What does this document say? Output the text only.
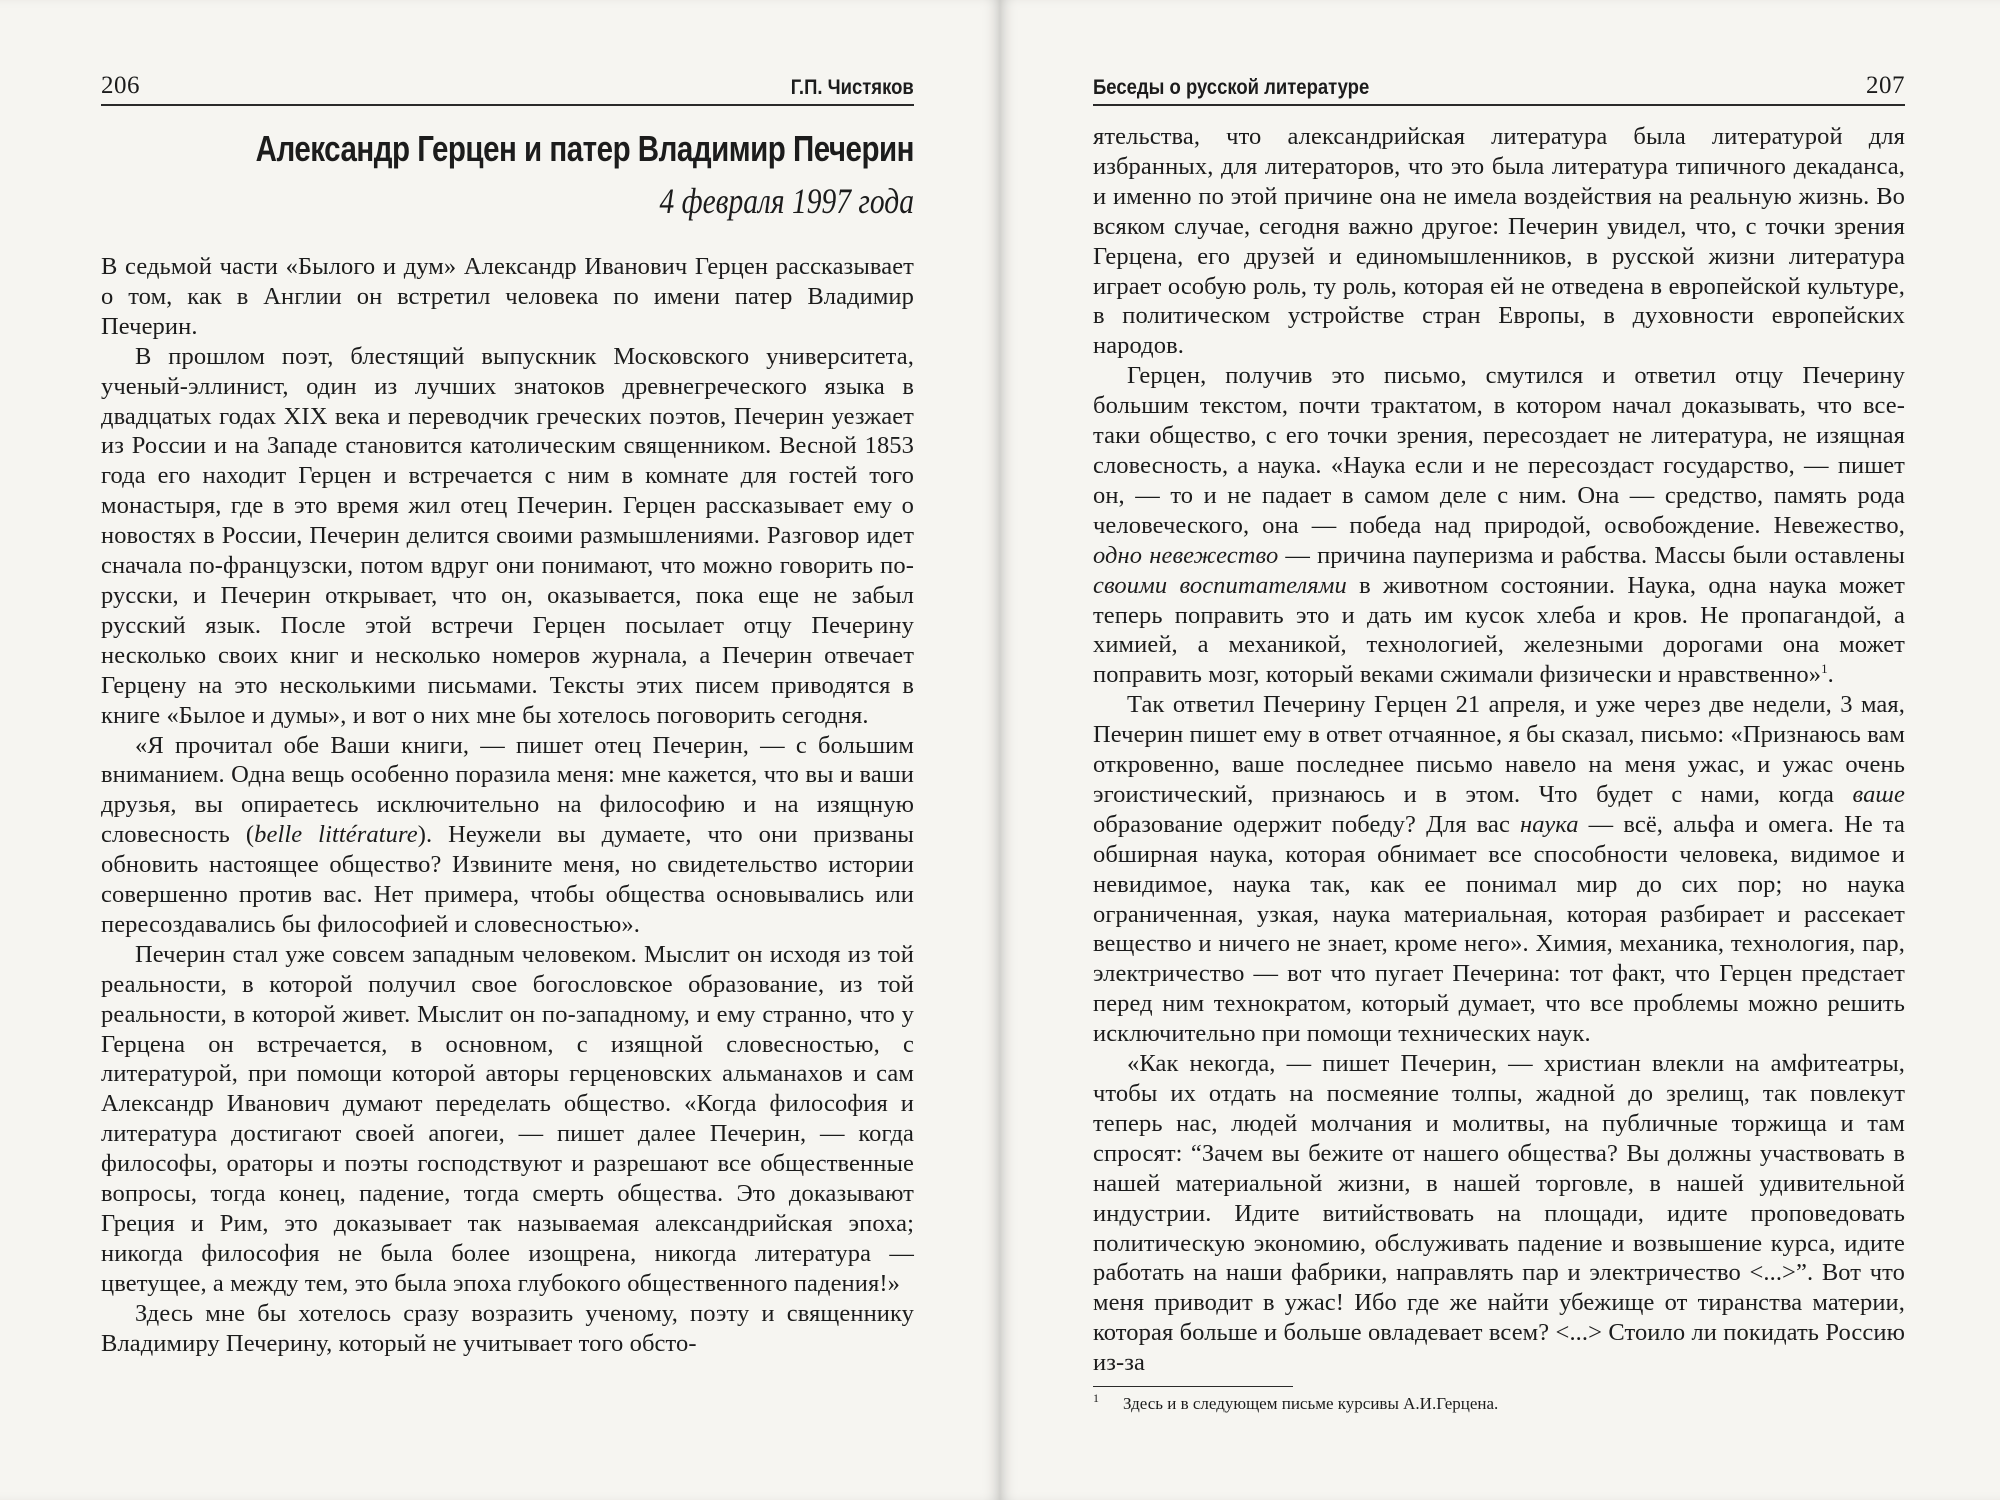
206	Г.П. Чистяков
Александр Герцен и патер Владимир Печерин
4 февраля 1997 года

В седьмой части «Былого и дум» Александр Иванович Герцен рассказывает о том, как в Англии он встретил человека по имени патер Владимир Печерин.

В прошлом поэт, блестящий выпускник Московского университета, ученый-эллинист, один из лучших знатоков древнегреческого языка в двадцатых годах XIX века и переводчик греческих поэтов, Печерин уезжает из России и на Западе становится католическим священником. Весной 1853 года его находит Герцен и встречается с ним в комнате для гостей того монастыря, где в это время жил отец Печерин. Герцен рассказывает ему о новостях в России, Печерин делится своими размышлениями. Разговор идет сначала по-французски, потом вдруг они понимают, что можно говорить по-русски, и Печерин открывает, что он, оказывается, пока еще не забыл русский язык. После этой встречи Герцен посылает отцу Печерину несколько своих книг и несколько номеров журнала, а Печерин отвечает Герцену на это несколькими письмами. Тексты этих писем приводятся в книге «Былое и думы», и вот о них мне бы хотелось поговорить сегодня.

«Я прочитал обе Ваши книги, — пишет отец Печерин, — с большим вниманием. Одна вещь особенно поразила меня: мне кажется, что вы и ваши друзья, вы опираетесь исключительно на философию и на изящную словесность (belle littérature). Неужели вы думаете, что они призваны обновить настоящее общество? Извините меня, но свидетельство истории совершенно против вас. Нет примера, чтобы общества основывались или пересоздавались бы философией и словесностью».

Печерин стал уже совсем западным человеком. Мыслит он исходя из той реальности, в которой получил свое богословское образование, из той реальности, в которой живет. Мыслит он по-западному, и ему странно, что у Герцена он встречается, в основном, с изящной словесностью, с литературой, при помощи которой авторы герценовских альманахов и сам Александр Иванович думают переделать общество. «Когда философия и литература достигают своей апогеи, — пишет далее Печерин, — когда философы, ораторы и поэты господствуют и разрешают все общественные вопросы, тогда конец, падение, тогда смерть общества. Это доказывают Греция и Рим, это доказывает так называемая александрийская эпоха; никогда философия не была более изощрена, никогда литература — цветущее, а между тем, это была эпоха глубокого общественного падения!»

Здесь мне бы хотелось сразу возразить ученому, поэту и священнику Владимиру Печерину, который не учитывает того обсто-

Беседы о русской литературе	207

ятельства, что александрийская литература была литературой для избранных, для литераторов, что это была литература типичного декаданса, и именно по этой причине она не имела воздействия на реальную жизнь. Во всяком случае, сегодня важно другое: Печерин увидел, что, с точки зрения Герцена, его друзей и единомышленников, в русской жизни литература играет особую роль, ту роль, которая ей не отведена в европейской культуре, в политическом устройстве стран Европы, в духовности европейских народов.

Герцен, получив это письмо, смутился и ответил отцу Печерину большим текстом, почти трактатом, в котором начал доказывать, что все-таки общество, с его точки зрения, пересоздает не литература, не изящная словесность, а наука. «Наука если и не пересоздаст государство, — пишет он, — то и не падает в самом деле с ним. Она — средство, память рода человеческого, она — победа над природой, освобождение. Невежество, одно невежество — причина пауперизма и рабства. Массы были оставлены своими воспитателями в животном состоянии. Наука, одна наука может теперь поправить это и дать им кусок хлеба и кров. Не пропагандой, а химией, а механикой, технологией, железными дорогами она может поправить мозг, который веками сжимали физически и нравственно»$^1$.

Так ответил Печерину Герцен 21 апреля, и уже через две недели, 3 мая, Печерин пишет ему в ответ отчаянное, я бы сказал, письмо: «Признаюсь вам откровенно, ваше последнее письмо навело на меня ужас, и ужас очень эгоистический, признаюсь и в этом. Что будет с нами, когда ваше образование одержит победу? Для вас наука — всё, альфа и омега. Не та обширная наука, которая обнимает все способности человека, видимое и невидимое, наука так, как ее понимал мир до сих пор; но наука ограниченная, узкая, наука материальная, которая разбирает и рассекает вещество и ничего не знает, кроме него». Химия, механика, технология, пар, электричество — вот что пугает Печерина: тот факт, что Герцен предстает перед ним технократом, который думает, что все проблемы можно решить исключительно при помощи технических наук.

«Как некогда, — пишет Печерин, — христиан влекли на амфитеатры, чтобы их отдать на посмеяние толпы, жадной до зрелищ, так повлекут теперь нас, людей молчания и молитвы, на публичные торжища и там спросят: “Зачем вы бежите от нашего общества? Вы должны участвовать в нашей материальной жизни, в нашей торговле, в нашей удивительной индустрии. Идите витийствовать на площади, идите проповедовать политическую экономию, обслуживать падение и возвышение курса, идите работать на наши фабрики, направлять пар и электричество <...>”. Вот что меня приводит в ужас! Ибо где же найти убежище от тиранства материи, которая больше и больше овладевает всем? <...> Стоило ли покидать Россию из-за

1 Здесь и в следующем письме курсивы А.И.Герцена.
